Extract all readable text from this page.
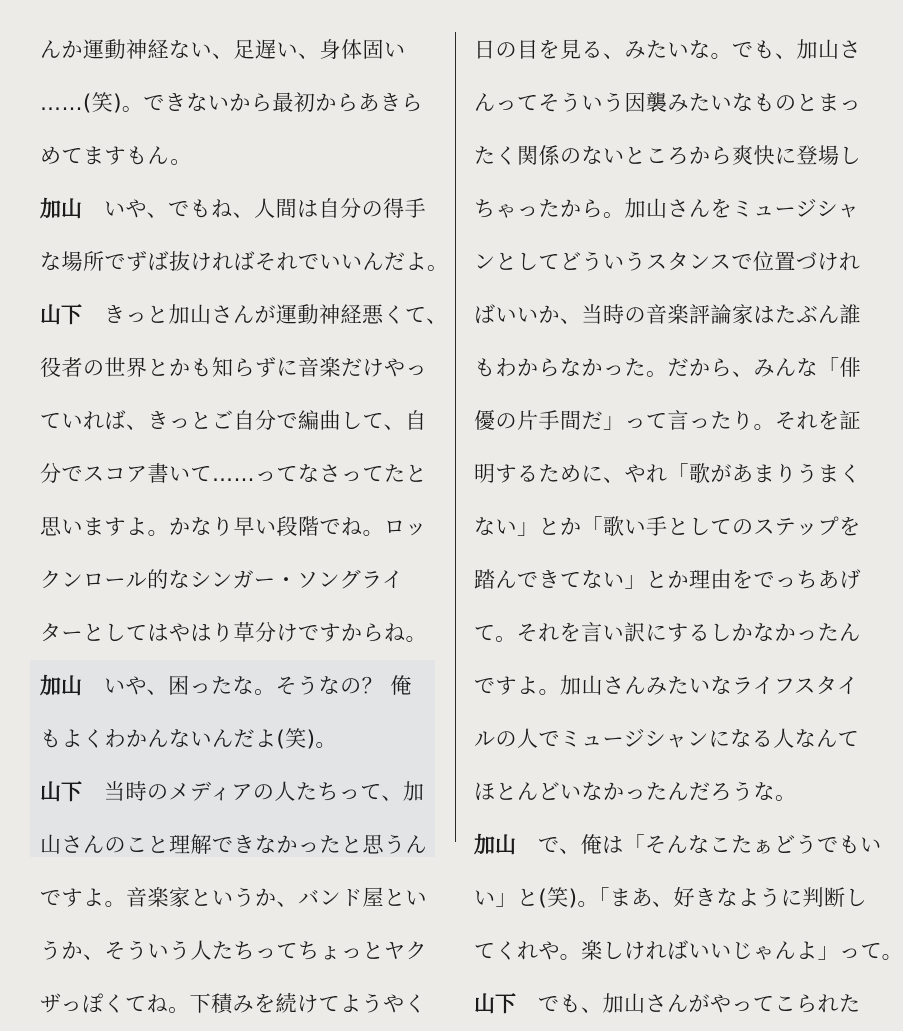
んか運動神経ない、足遅い、身体固い
……(笑)。できないから最初からあきら
めてますもん。
加山 いや、でもね、人間は自分の得手
な場所でずば抜ければそれでいいんだよ。
山下 きっと加山さんが運動神経悪くて、
役者の世界とかも知らずに音楽だけやっ
ていれば、きっとご自分で編曲して、自
分でスコア書いて……ってなさってたと
思いますよ。かなり早い段階でね。ロッ
クンロール的なシンガー・ソングライ
ターとしてはやはり草分けですからね。
加山 いや、困ったな。そうなの？ 俺
もよくわかんないんだよ(笑)。
山下 当時のメディアの人たちって、加
山さんのこと理解できなかったと思うん
ですよ。音楽家というか、バンド屋とい
うか、そういう人たちってちょっとヤク
ザっぽくてね。下積みを続けてようやく
日の目を見る、みたいな。でも、加山さ
んってそういう因襲みたいなものとまっ
たく関係のないところから爽快に登場し
ちゃったから。加山さんをミュージシャ
ンとしてどういうスタンスで位置づけれ
ばいいか、当時の音楽評論家はたぶん誰
もわからなかった。だから、みんな「俳
優の片手間だ」って言ったり。それを証
明するために、やれ「歌があまりうまく
ない」とか「歌い手としてのステップを
踏んできてない」とか理由をでっちあげ
て。それを言い訳にするしかなかったん
ですよ。加山さんみたいなライフスタイ
ルの人でミュージシャンになる人なんて
ほとんどいなかったんだろうな。
加山 で、俺は「そんなこたぁどうでもい
い」と(笑)。「まあ、好きなように判断し
てくれや。楽しければいいじゃんよ」って。
山下 でも、加山さんがやってこられた
